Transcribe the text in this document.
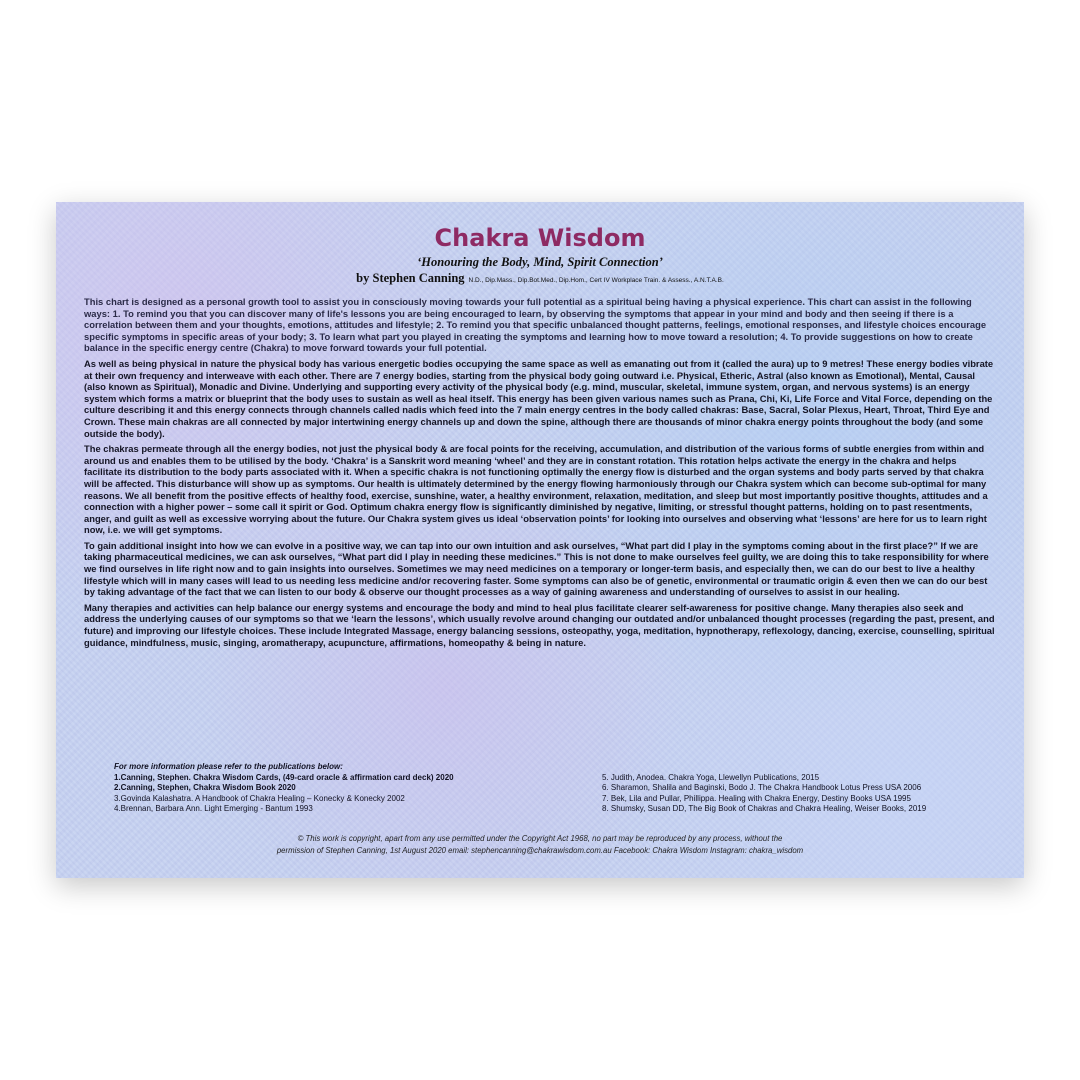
Chakra Wisdom
‘Honouring the Body, Mind, Spirit Connection’
by Stephen Canning N.D., Dip.Mass., Dip.Bot.Med., Dip.Hom., Cert IV Workplace Train. & Assess., A.N.T.A.B.

This chart is designed as a personal growth tool to assist you in consciously moving towards your full potential as a spiritual being having a physical experience. This chart can assist in the following ways: 1. To remind you that you can discover many of life's lessons you are being encouraged to learn, by observing the symptoms that appear in your mind and body and then seeing if there is a correlation between them and your thoughts, emotions, attitudes and lifestyle; 2. To remind you that specific unbalanced thought patterns, feelings, emotional responses, and lifestyle choices encourage specific symptoms in specific areas of your body; 3. To learn what part you played in creating the symptoms and learning how to move toward a resolution; 4. To provide suggestions on how to create balance in the specific energy centre (Chakra) to move forward towards your full potential.

As well as being physical in nature the physical body has various energetic bodies occupying the same space as well as emanating out from it (called the aura) up to 9 metres! These energy bodies vibrate at their own frequency and interweave with each other. There are 7 energy bodies, starting from the physical body going outward i.e. Physical, Etheric, Astral (also known as Emotional), Mental, Causal (also known as Spiritual), Monadic and Divine. Underlying and supporting every activity of the physical body (e.g. mind, muscular, skeletal, immune system, organ, and nervous systems) is an energy system which forms a matrix or blueprint that the body uses to sustain as well as heal itself. This energy has been given various names such as Prana, Chi, Ki, Life Force and Vital Force, depending on the culture describing it and this energy connects through channels called nadis which feed into the 7 main energy centres in the body called chakras: Base, Sacral, Solar Plexus, Heart, Throat, Third Eye and Crown. These main chakras are all connected by major intertwining energy channels up and down the spine, although there are thousands of minor chakra energy points throughout the body (and some outside the body).

The chakras permeate through all the energy bodies, not just the physical body & are focal points for the receiving, accumulation, and distribution of the various forms of subtle energies from within and around us and enables them to be utilised by the body. ‘Chakra’ is a Sanskrit word meaning ‘wheel’ and they are in constant rotation. This rotation helps activate the energy in the chakra and helps facilitate its distribution to the body parts associated with it. When a specific chakra is not functioning optimally the energy flow is disturbed and the organ systems and body parts served by that chakra will be affected. This disturbance will show up as symptoms. Our health is ultimately determined by the energy flowing harmoniously through our Chakra system which can become sub-optimal for many reasons. We all benefit from the positive effects of healthy food, exercise, sunshine, water, a healthy environment, relaxation, meditation, and sleep but most importantly positive thoughts, attitudes and a connection with a higher power – some call it spirit or God. Optimum chakra energy flow is significantly diminished by negative, limiting, or stressful thought patterns, holding on to past resentments, anger, and guilt as well as excessive worrying about the future. Our Chakra system gives us ideal ‘observation points’ for looking into ourselves and observing what ‘lessons’ are here for us to learn right now, i.e. we will get symptoms.

To gain additional insight into how we can evolve in a positive way, we can tap into our own intuition and ask ourselves, “What part did I play in the symptoms coming about in the first place?” If we are taking pharmaceutical medicines, we can ask ourselves, “What part did I play in needing these medicines.” This is not done to make ourselves feel guilty, we are doing this to take responsibility for where we find ourselves in life right now and to gain insights into ourselves. Sometimes we may need medicines on a temporary or longer-term basis, and especially then, we can do our best to live a healthy lifestyle which will in many cases will lead to us needing less medicine and/or recovering faster. Some symptoms can also be of genetic, environmental or traumatic origin & even then we can do our best by taking advantage of the fact that we can listen to our body & observe our thought processes as a way of gaining awareness and understanding of ourselves to assist in our healing.

Many therapies and activities can help balance our energy systems and encourage the body and mind to heal plus facilitate clearer self-awareness for positive change. Many therapies also seek and address the underlying causes of our symptoms so that we ‘learn the lessons’, which usually revolve around changing our outdated and/or unbalanced thought processes (regarding the past, present, and future) and improving our lifestyle choices. These include Integrated Massage, energy balancing sessions, osteopathy, yoga, meditation, hypnotherapy, reflexology, dancing, exercise, counselling, spiritual guidance, mindfulness, music, singing, aromatherapy, acupuncture, affirmations, homeopathy & being in nature.

For more information please refer to the publications below:
1.Canning, Stephen. Chakra Wisdom Cards, (49-card oracle & affirmation card deck) 2020
2.Canning, Stephen, Chakra Wisdom Book 2020
3.Govinda Kalashatra. A Handbook of Chakra Healing – Konecky & Konecky 2002
4.Brennan, Barbara Ann. Light Emerging - Bantum 1993
5. Judith, Anodea. Chakra Yoga, Llewellyn Publications, 2015
6. Sharamon, Shalila and Baginski, Bodo J. The Chakra Handbook Lotus Press USA 2006
7. Bek, Lila and Pullar, Phillippa. Healing with Chakra Energy, Destiny Books USA 1995
8. Shumsky, Susan DD, The Big Book of Chakras and Chakra Healing, Weiser Books, 2019
© This work is copyright, apart from any use permitted under the Copyright Act 1968, no part may be reproduced by any process, without the
permission of Stephen Canning, 1st August 2020 email: stephencanning@chakrawisdom.com.au Facebook: Chakra Wisdom Instagram: chakra_wisdom
